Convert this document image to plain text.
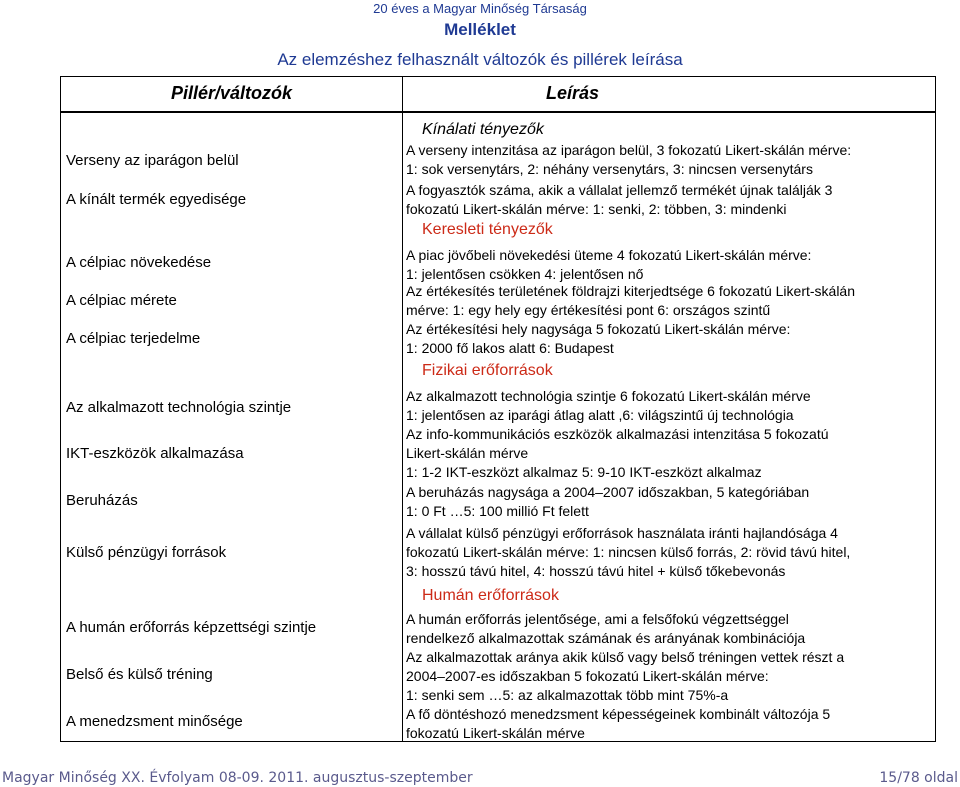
20 éves a Magyar Minőség Társaság
Melléklet
Az elemzéshez felhasznált változók és pillérek leírása
Pillér/változók	Leírás
Verseny az iparágon belül
A kínált termék egyedisége
A célpiac növekedése
A célpiac mérete
A célpiac terjedelme
Az alkalmazott technológia szintje
IKT-eszközök alkalmazása
Beruházás
Külső pénzügyi források
A humán erőforrás képzettségi szintje
Belső és külső tréning
A menedzsment minősége
Kínálati tényezők
Keresleti tényezők
Fizikai erőforrások
Humán erőforrások
A verseny intenzitása az iparágon belül, 3 fokozatú Likert-skálán mérve:
1: sok versenytárs, 2: néhány versenytárs, 3: nincsen versenytárs
A fogyasztók száma, akik a vállalat jellemző termékét újnak találják 3
fokozatú Likert-skálán mérve: 1: senki, 2: többen, 3: mindenki
A piac jövőbeli növekedési üteme 4 fokozatú Likert-skálán mérve:
1: jelentősen csökken 4: jelentősen nő
Az értékesítés területének földrajzi kiterjedtsége 6 fokozatú Likert-skálán
mérve: 1: egy hely egy értékesítési pont 6: országos szintű
Az értékesítési hely nagysága 5 fokozatú Likert-skálán mérve:
1: 2000 fő lakos alatt 6: Budapest
Az alkalmazott technológia szintje 6 fokozatú Likert-skálán mérve
1: jelentősen az iparági átlag alatt ,6: világszintű új technológia
Az info-kommunikációs eszközök alkalmazási intenzitása 5 fokozatú
Likert-skálán mérve
1: 1-2 IKT-eszközt alkalmaz 5: 9-10 IKT-eszközt alkalmaz
A beruházás nagysága a 2004–2007 időszakban, 5 kategóriában
1: 0 Ft …5: 100 millió Ft felett
A vállalat külső pénzügyi erőforrások használata iránti hajlandósága 4
fokozatú Likert-skálán mérve: 1: nincsen külső forrás, 2: rövid távú hitel,
3: hosszú távú hitel, 4: hosszú távú hitel + külső tőkebevonás
A humán erőforrás jelentősége, ami a felsőfokú végzettséggel
rendelkező alkalmazottak számának és arányának kombinációja
Az alkalmazottak aránya akik külső vagy belső tréningen vettek részt a
2004–2007-es időszakban 5 fokozatú Likert-skálán mérve:
1: senki sem …5: az alkalmazottak több mint 75%-a
A fő döntéshozó menedzsment képességeinek kombinált változója 5
fokozatú Likert-skálán mérve
Magyar Minőség XX. Évfolyam 08-09. 2011. augusztus-szeptember	15/78 oldal
